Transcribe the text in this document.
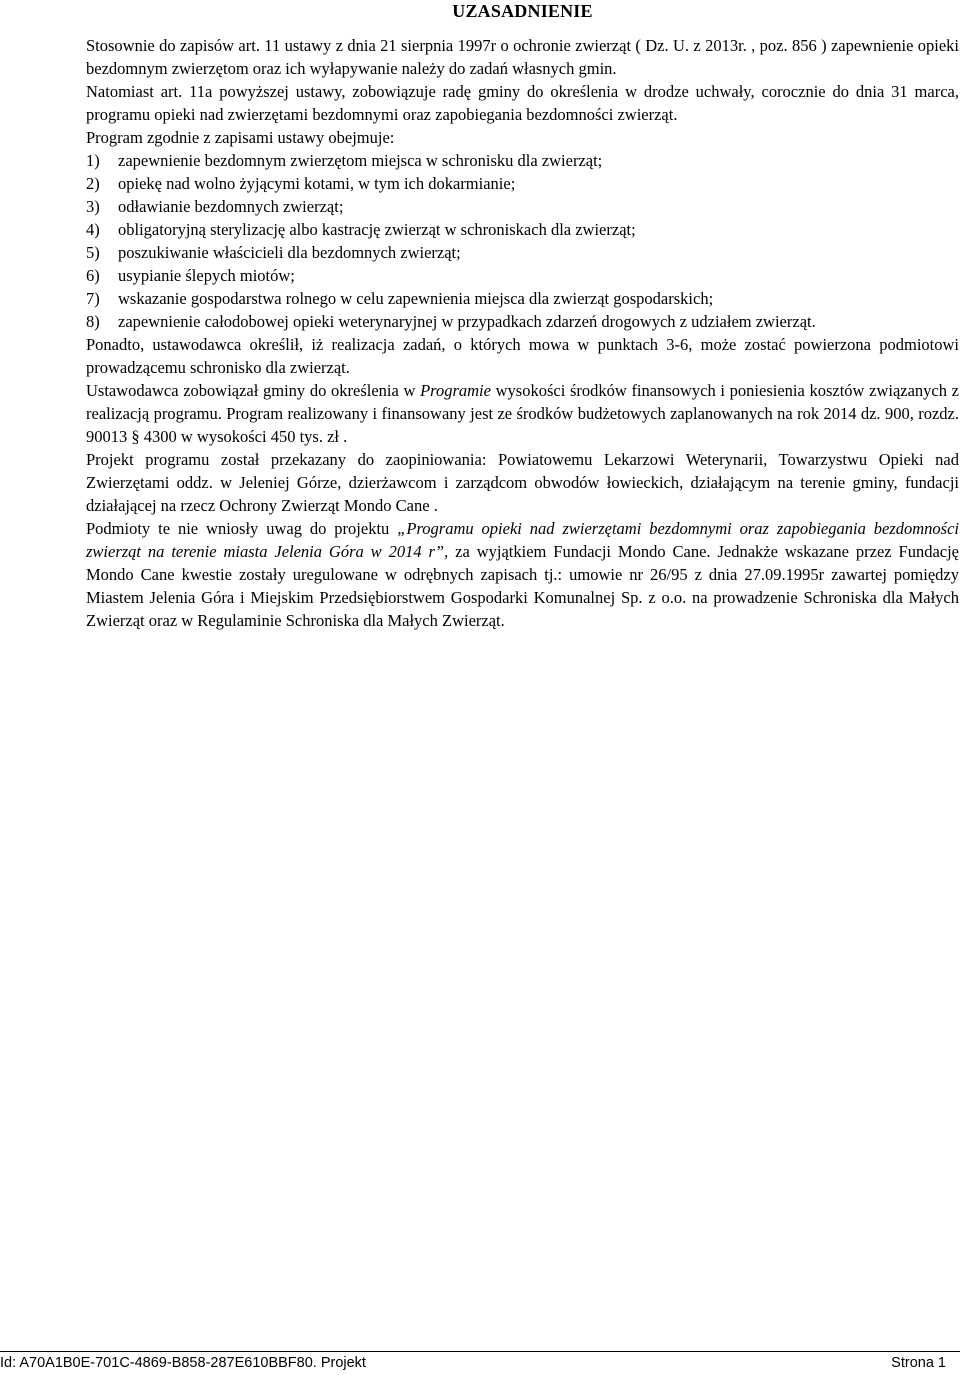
UZASADNIENIE

Stosownie do zapisów art. 11 ustawy z dnia 21 sierpnia 1997r o ochronie zwierząt ( Dz. U. z 2013r. , poz. 856 ) zapewnienie opieki bezdomnym zwierzętom oraz ich wyłapywanie należy do zadań własnych gmin.

Natomiast art. 11a powyższej ustawy, zobowiązuje radę gminy do określenia w drodze uchwały, corocznie do dnia 31 marca, programu opieki nad zwierzętami bezdomnymi oraz zapobiegania bezdomności zwierząt.

Program zgodnie z zapisami ustawy obejmuje:

1) zapewnienie bezdomnym zwierzętom miejsca w schronisku dla zwierząt;
2) opiekę nad wolno żyjącymi kotami, w tym ich dokarmianie;
3) odławianie bezdomnych zwierząt;
4) obligatoryjną sterylizację albo kastrację zwierząt w schroniskach dla zwierząt;
5) poszukiwanie właścicieli dla bezdomnych zwierząt;
6) usypianie ślepych miotów;
7) wskazanie gospodarstwa rolnego w celu zapewnienia miejsca dla zwierząt gospodarskich;
8) zapewnienie całodobowej opieki weterynaryjnej w przypadkach zdarzeń drogowych z udziałem zwierząt.

Ponadto, ustawodawca określił, iż realizacja zadań, o których mowa w punktach 3-6, może zostać powierzona podmiotowi prowadzącemu schronisko dla zwierząt.

Ustawodawca zobowiązał gminy do określenia w Programie wysokości środków finansowych i poniesienia kosztów związanych z realizacją programu. Program realizowany i finansowany jest ze środków budżetowych zaplanowanych na rok 2014 dz. 900, rozdz. 90013 § 4300 w wysokości 450 tys. zł .

Projekt programu został przekazany do zaopiniowania: Powiatowemu Lekarzowi Weterynarii, Towarzystwu Opieki nad Zwierzętami oddz. w Jeleniej Górze, dzierżawcom i zarządcom obwodów łowieckich, działającym na terenie gminy, fundacji działającej na rzecz Ochrony Zwierząt Mondo Cane .

Podmioty te nie wniosły uwag do projektu „Programu opieki nad zwierzętami bezdomnymi oraz zapobiegania bezdomności zwierząt na terenie miasta Jelenia Góra w 2014 r”, za wyjątkiem Fundacji Mondo Cane. Jednakże wskazane przez Fundację Mondo Cane kwestie zostały uregulowane w odrębnych zapisach tj.: umowie nr 26/95 z dnia 27.09.1995r zawartej pomiędzy Miastem Jelenia Góra i Miejskim Przedsiębiorstwem Gospodarki Komunalnej Sp. z o.o. na prowadzenie Schroniska dla Małych Zwierząt oraz w Regulaminie Schroniska dla Małych Zwierząt.

Id: A70A1B0E-701C-4869-B858-287E610BBF80. Projekt	Strona 1
